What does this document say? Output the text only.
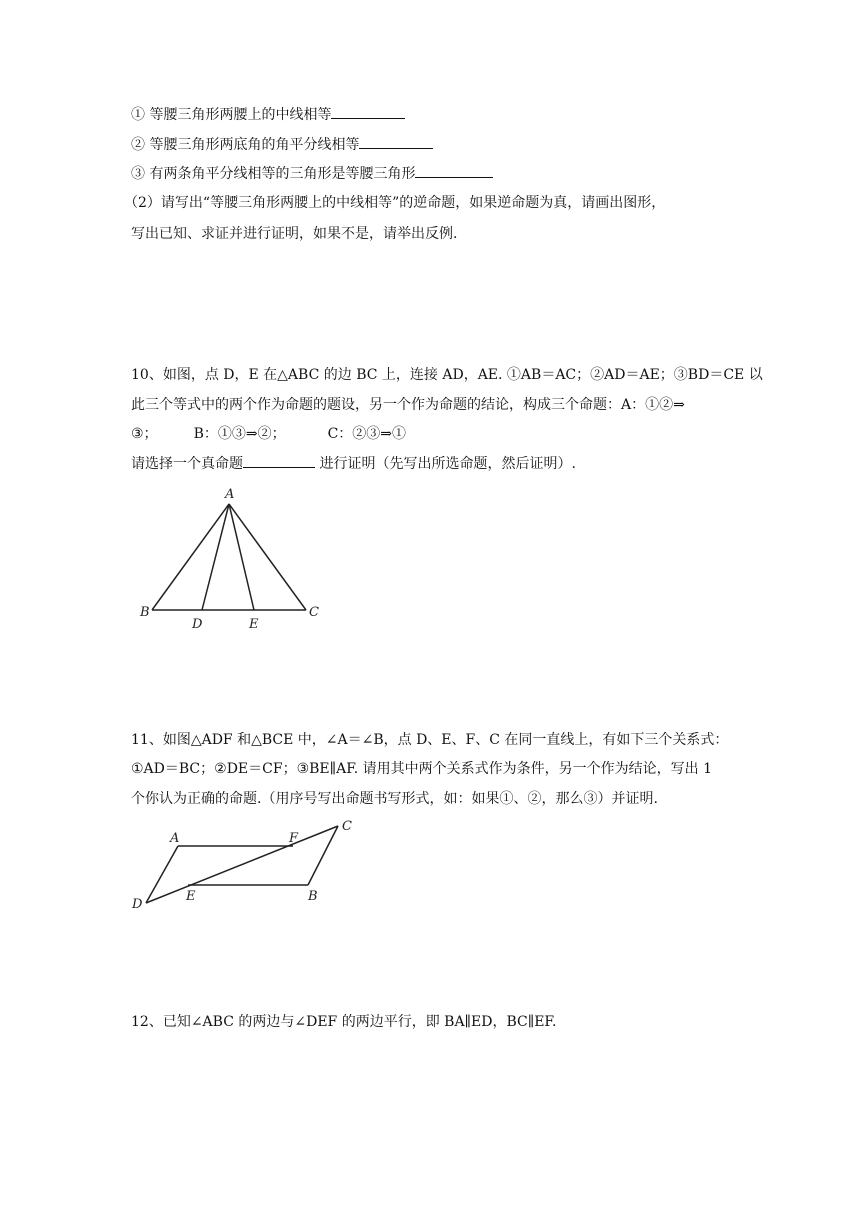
① 等腰三角形两腰上的中线相等
② 等腰三角形两底角的角平分线相等
③ 有两条角平分线相等的三角形是等腰三角形
（2）请写出“等腰三角形两腰上的中线相等”的逆命题，如果逆命题为真，请画出图形，
写出已知、求证并进行证明，如果不是，请举出反例.
10、如图，点 D，E 在△ABC 的边 BC 上，连接 AD，AE. ①AB＝AC；②AD＝AE；③BD＝CE 以
此三个等式中的两个作为命题的题设，另一个作为命题的结论，构成三个命题：A：①②⇒
③；	B：①③⇒②；	C：②③⇒①
请选择一个真命题	进行证明（先写出所选命题，然后证明）.
A
B
D	E
C
11、如图△ADF 和△BCE 中，∠A＝∠B，点 D、E、F、C 在同一直线上，有如下三个关系式：
①AD＝BC；②DE＝CF；③BE∥AF. 请用其中两个关系式作为条件，另一个作为结论，写出 1
个你认为正确的命题.（用序号写出命题书写形式，如：如果①、②，那么③）并证明.
A	F
C
D
E	B
12、已知∠ABC 的两边与∠DEF 的两边平行，即 BA∥ED，BC∥EF.
